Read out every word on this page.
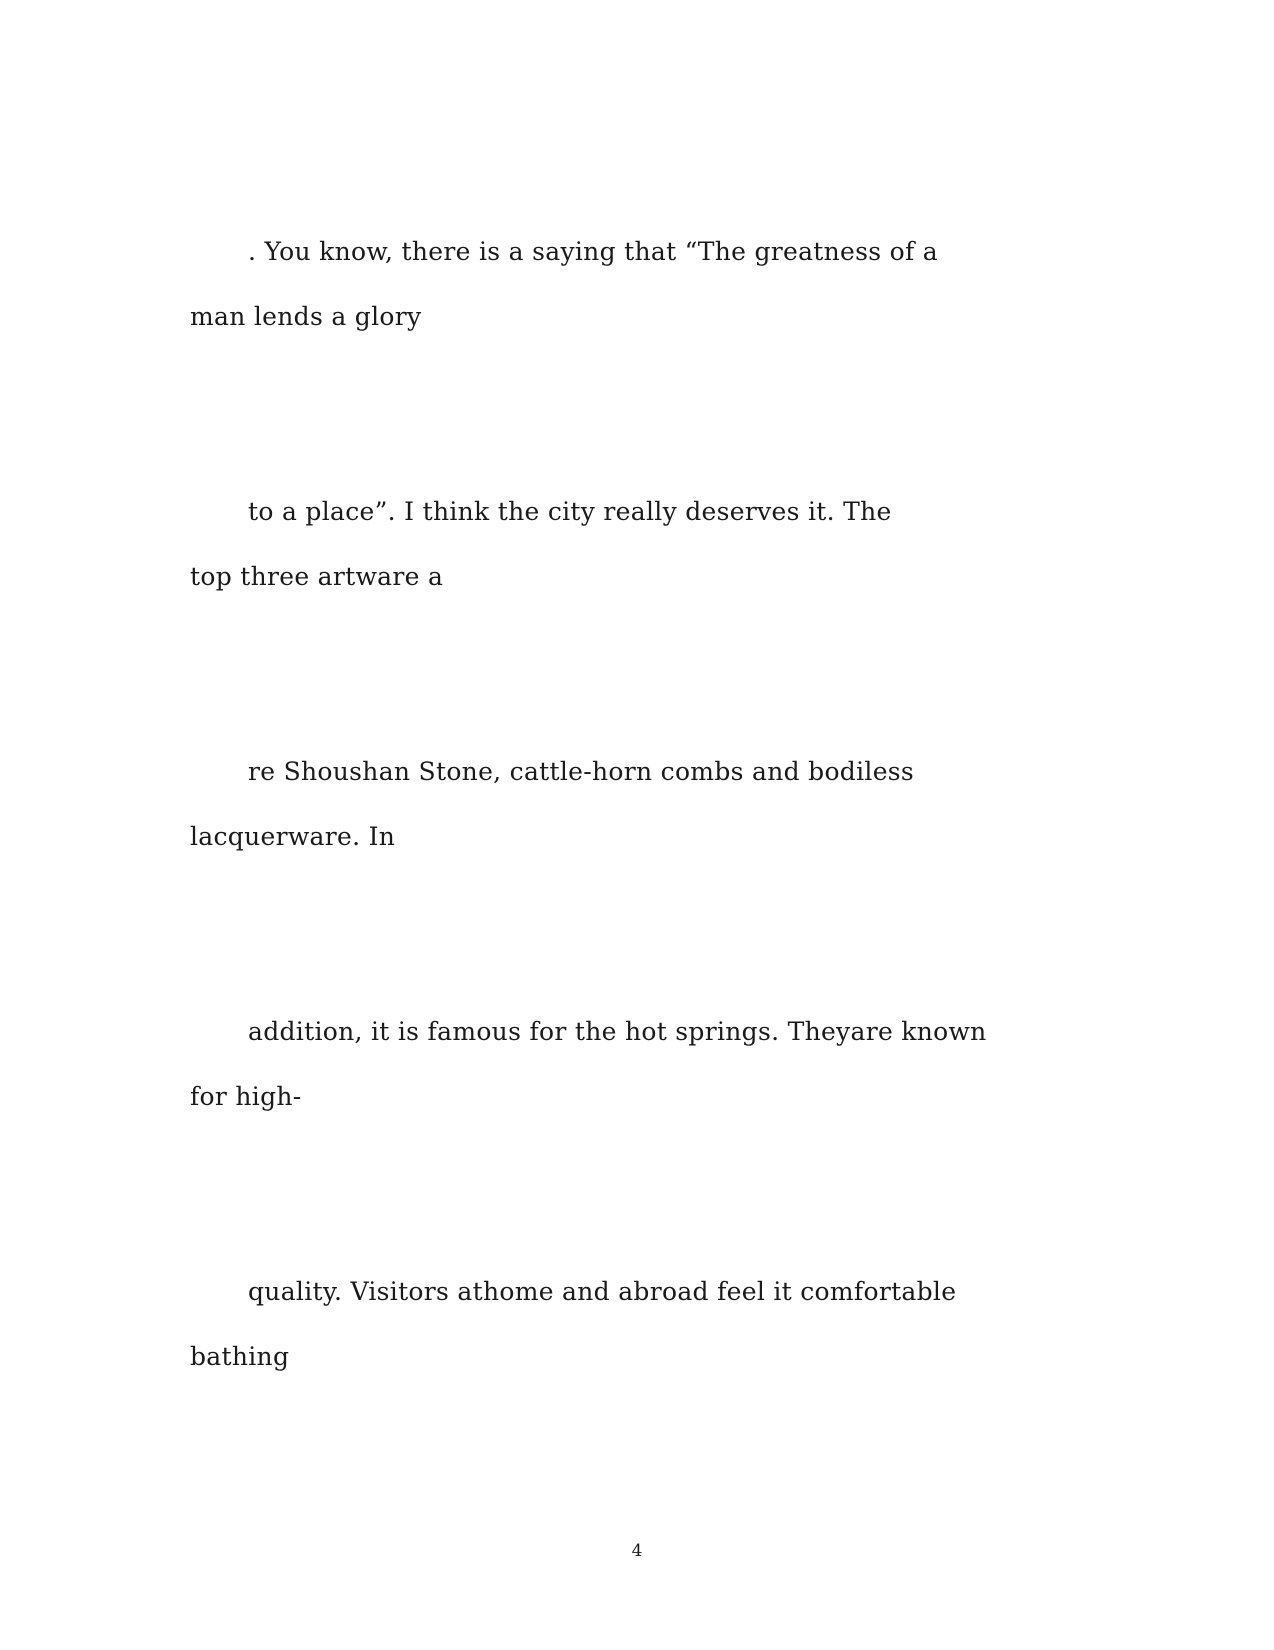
. You know, there is a saying that “The greatness of a
man lends a glory
to a place”. I think the city really deserves it. The
top three artware a
re Shoushan Stone, cattle-horn combs and bodiless
lacquerware. In
addition, it is famous for the hot springs. Theyare known
for high-
quality. Visitors athome and abroad feel it comfortable
bathing
4
